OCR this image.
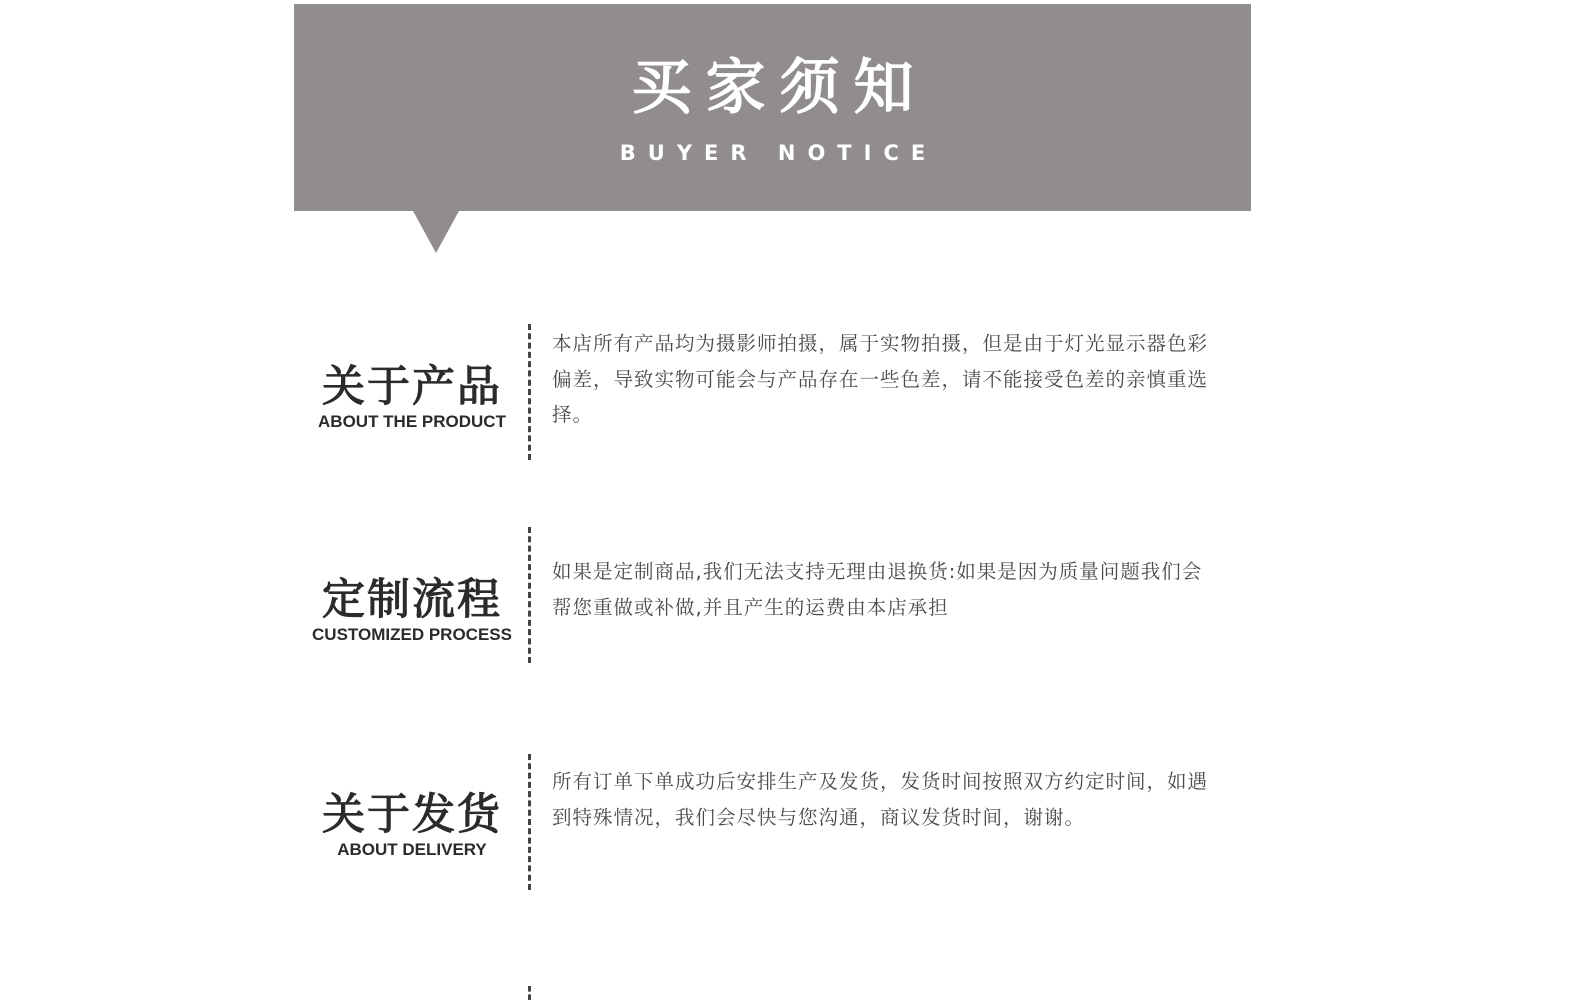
买家须知
BUYER NOTICE
关于产品
ABOUT THE PRODUCT

本店所有产品均为摄影师拍摄，属于实物拍摄，但是由于灯光显示器色彩偏差，导致实物可能会与产品存在一些色差，请不能接受色差的亲慎重选择。

定制流程
CUSTOMIZED PROCESS

如果是定制商品,我们无法支持无理由退换货:如果是因为质量问题我们会帮您重做或补做,并且产生的运费由本店承担

关于发货
ABOUT DELIVERY

所有订单下单成功后安排生产及发货，发货时间按照双方约定时间，如遇到特殊情况，我们会尽快与您沟通，商议发货时间，谢谢。
